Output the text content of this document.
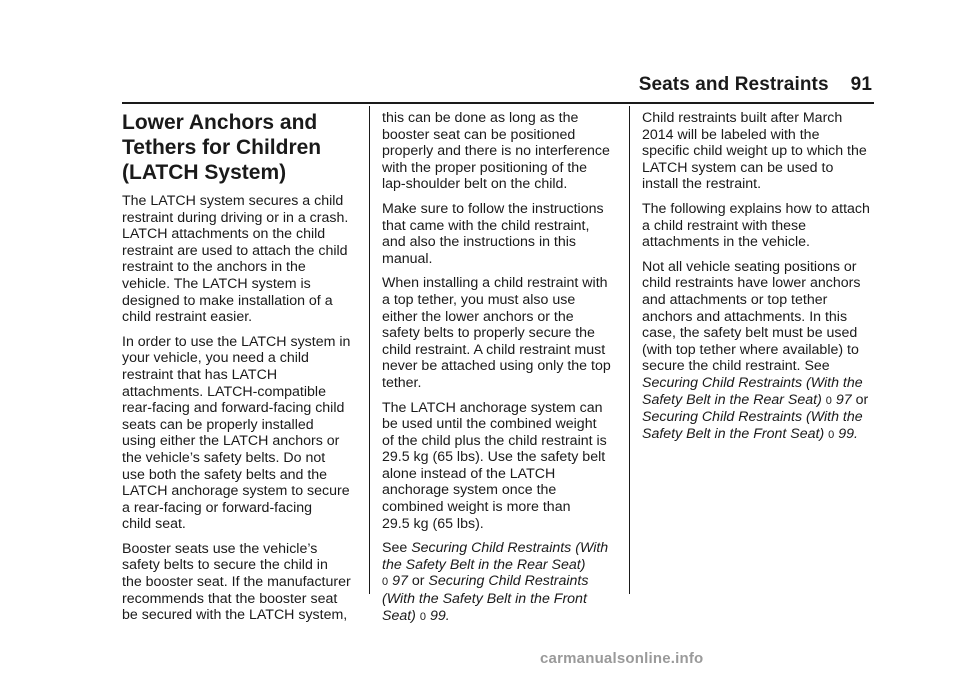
Seats and Restraints 91
Lower Anchors and
Tethers for Children
(LATCH System)

The LATCH system secures a child
restraint during driving or in a crash.
LATCH attachments on the child
restraint are used to attach the child
restraint to the anchors in the
vehicle. The LATCH system is
designed to make installation of a
child restraint easier.

In order to use the LATCH system in
your vehicle, you need a child
restraint that has LATCH
attachments. LATCH-compatible
rear-facing and forward-facing child
seats can be properly installed
using either the LATCH anchors or
the vehicle’s safety belts. Do not
use both the safety belts and the
LATCH anchorage system to secure
a rear-facing or forward-facing
child seat.

Booster seats use the vehicle’s
safety belts to secure the child in
the booster seat. If the manufacturer
recommends that the booster seat
be secured with the LATCH system,

this can be done as long as the
booster seat can be positioned
properly and there is no interference
with the proper positioning of the
lap-shoulder belt on the child.

Make sure to follow the instructions
that came with the child restraint,
and also the instructions in this
manual.

When installing a child restraint with
a top tether, you must also use
either the lower anchors or the
safety belts to properly secure the
child restraint. A child restraint must
never be attached using only the top
tether.

The LATCH anchorage system can
be used until the combined weight
of the child plus the child restraint is
29.5 kg (65 lbs). Use the safety belt
alone instead of the LATCH
anchorage system once the
combined weight is more than
29.5 kg (65 lbs).

See Securing Child Restraints (With
the Safety Belt in the Rear Seat)
0 97 or Securing Child Restraints
(With the Safety Belt in the Front
Seat) 0 99.

Child restraints built after March
2014 will be labeled with the
specific child weight up to which the
LATCH system can be used to
install the restraint.

The following explains how to attach
a child restraint with these
attachments in the vehicle.

Not all vehicle seating positions or
child restraints have lower anchors
and attachments or top tether
anchors and attachments. In this
case, the safety belt must be used
(with top tether where available) to
secure the child restraint. See
Securing Child Restraints (With the
Safety Belt in the Rear Seat) 0 97 or
Securing Child Restraints (With the
Safety Belt in the Front Seat) 0 99.

carmanualsonline.info
